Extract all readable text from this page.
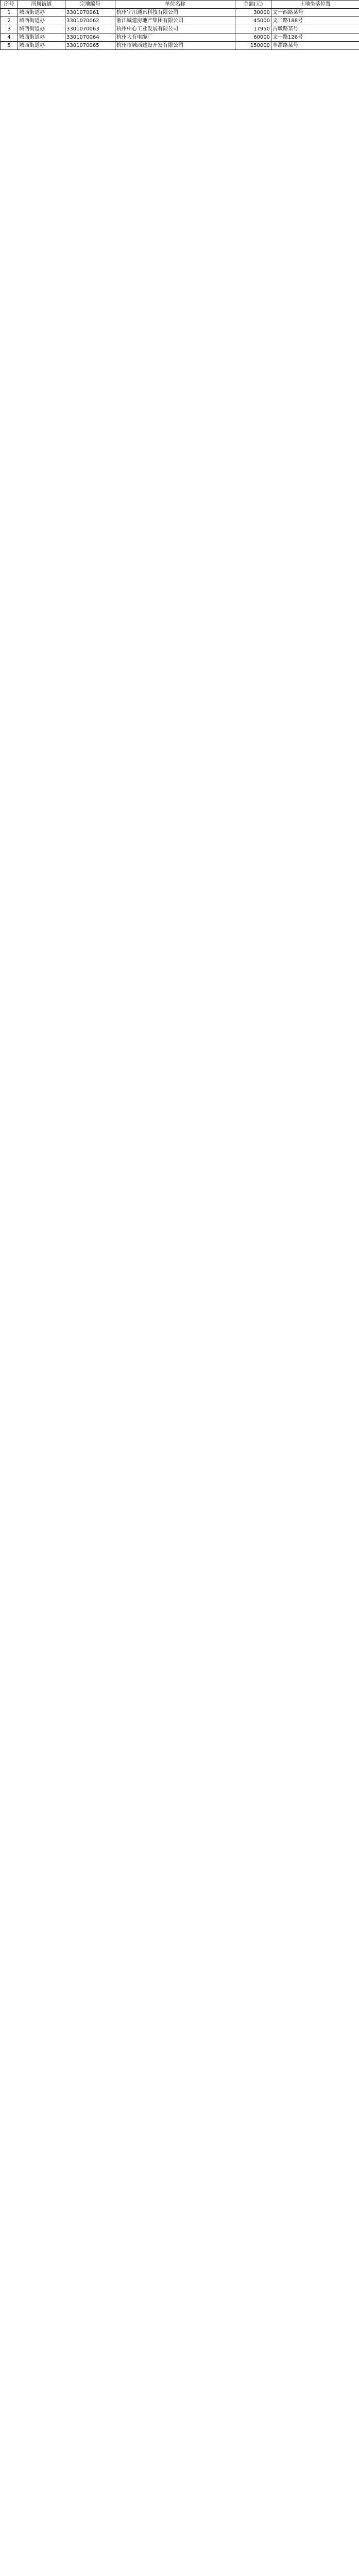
序号	所属街道	宗地编号	单位名称	金额(元)	土地坐落位置
1	城西街道办	3301070061	杭州宇川通讯科技有限公司	30000	文一西路某号
2	城西街道办	3301070062	浙江城建房地产集团有限公司	45000	文二路188号
3	城西街道办	3301070063	杭州中心工业发展有限公司	17950	古墩路某号
4	城西街道办	3301070064	杭州大有电缆厂	60000	文一路126号
5	城西街道办	3301070065	杭州市城西建设开发有限公司	150000	丰潭路某号
